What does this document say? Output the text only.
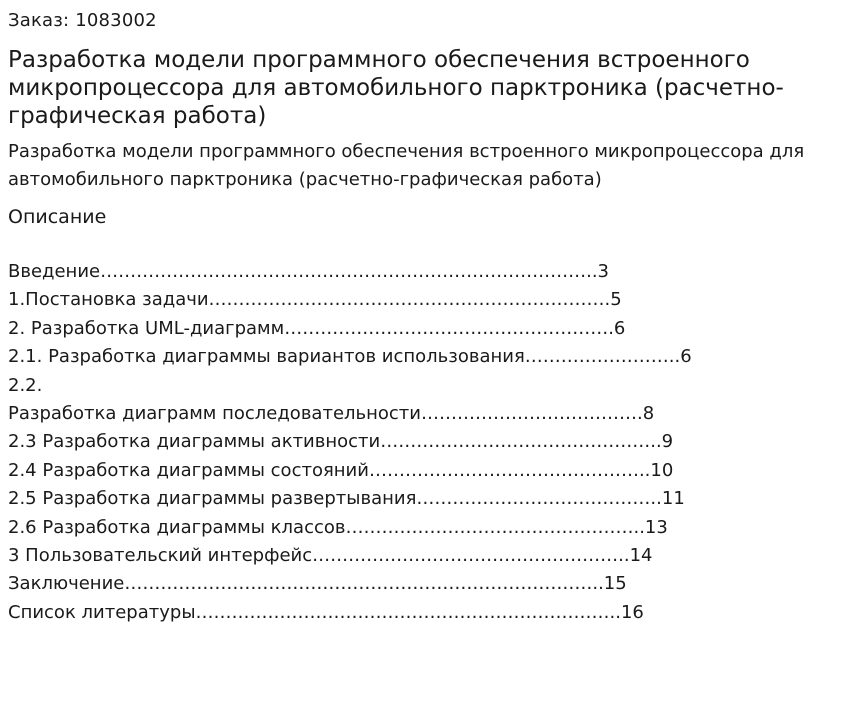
Заказ: 1083002
Разработка модели программного обеспечения встроенного микропроцессора для автомобильного парктроника (расчетно-графическая работа)
Разработка модели программного обеспечения встроенного микропроцессора для автомобильного парктроника (расчетно-графическая работа)
Описание
Введение………………………………………………………………………..3
1.Постановка задачи………………………………………………………….5
2. Разработка UML-диаграмм……………………………………………….6
2.1. Разработка диаграммы вариантов использования……………………..6
2.2.
Разработка диаграмм последовательности……………………………….8
2.3 Разработка диаграммы активности………………………………………..9
2.4 Разработка диаграммы состояний………………………………………..10
2.5 Разработка диаграммы развертывания…………………………………..11
2.6 Разработка диаграммы классов…………………………………………..13
3 Пользовательский интерфейс……………………………………………..14
Заключение……………………………………………………………………..15
Список литературы……………………………………………………………..16
